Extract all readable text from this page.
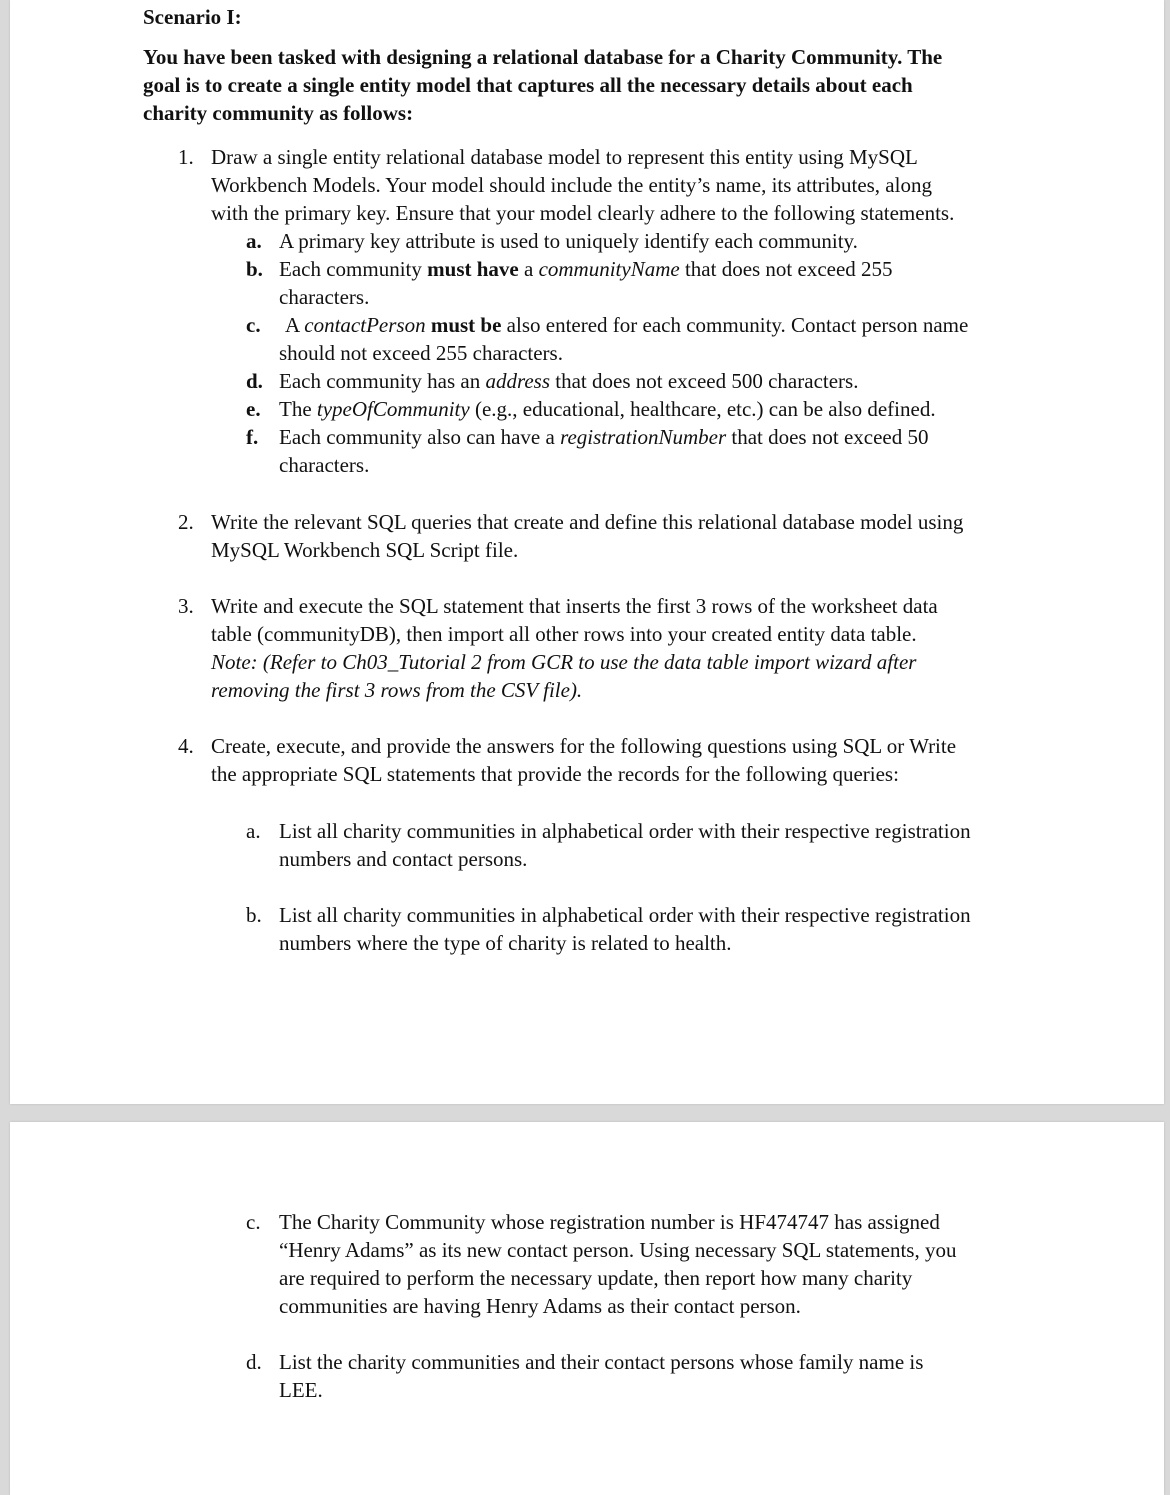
Scenario I:
You have been tasked with designing a relational database for a Charity Community. The
goal is to create a single entity model that captures all the necessary details about each
charity community as follows:
1. Draw a single entity relational database model to represent this entity using MySQL
Workbench Models. Your model should include the entity’s name, its attributes, along
with the primary key. Ensure that your model clearly adhere to the following statements.
a. A primary key attribute is used to uniquely identify each community.
b. Each community must have a communityName that does not exceed 255
characters.
c. A contactPerson must be also entered for each community. Contact person name
should not exceed 255 characters.
d. Each community has an address that does not exceed 500 characters.
e. The typeOfCommunity (e.g., educational, healthcare, etc.) can be also defined.
f. Each community also can have a registrationNumber that does not exceed 50
characters.
2. Write the relevant SQL queries that create and define this relational database model using
MySQL Workbench SQL Script file.
3. Write and execute the SQL statement that inserts the first 3 rows of the worksheet data
table (communityDB), then import all other rows into your created entity data table.
Note: (Refer to Ch03_Tutorial 2 from GCR to use the data table import wizard after
removing the first 3 rows from the CSV file).
4. Create, execute, and provide the answers for the following questions using SQL or Write
the appropriate SQL statements that provide the records for the following queries:
a. List all charity communities in alphabetical order with their respective registration
numbers and contact persons.
b. List all charity communities in alphabetical order with their respective registration
numbers where the type of charity is related to health.
c. The Charity Community whose registration number is HF474747 has assigned
“Henry Adams” as its new contact person. Using necessary SQL statements, you
are required to perform the necessary update, then report how many charity
communities are having Henry Adams as their contact person.
d. List the charity communities and their contact persons whose family name is
LEE.
